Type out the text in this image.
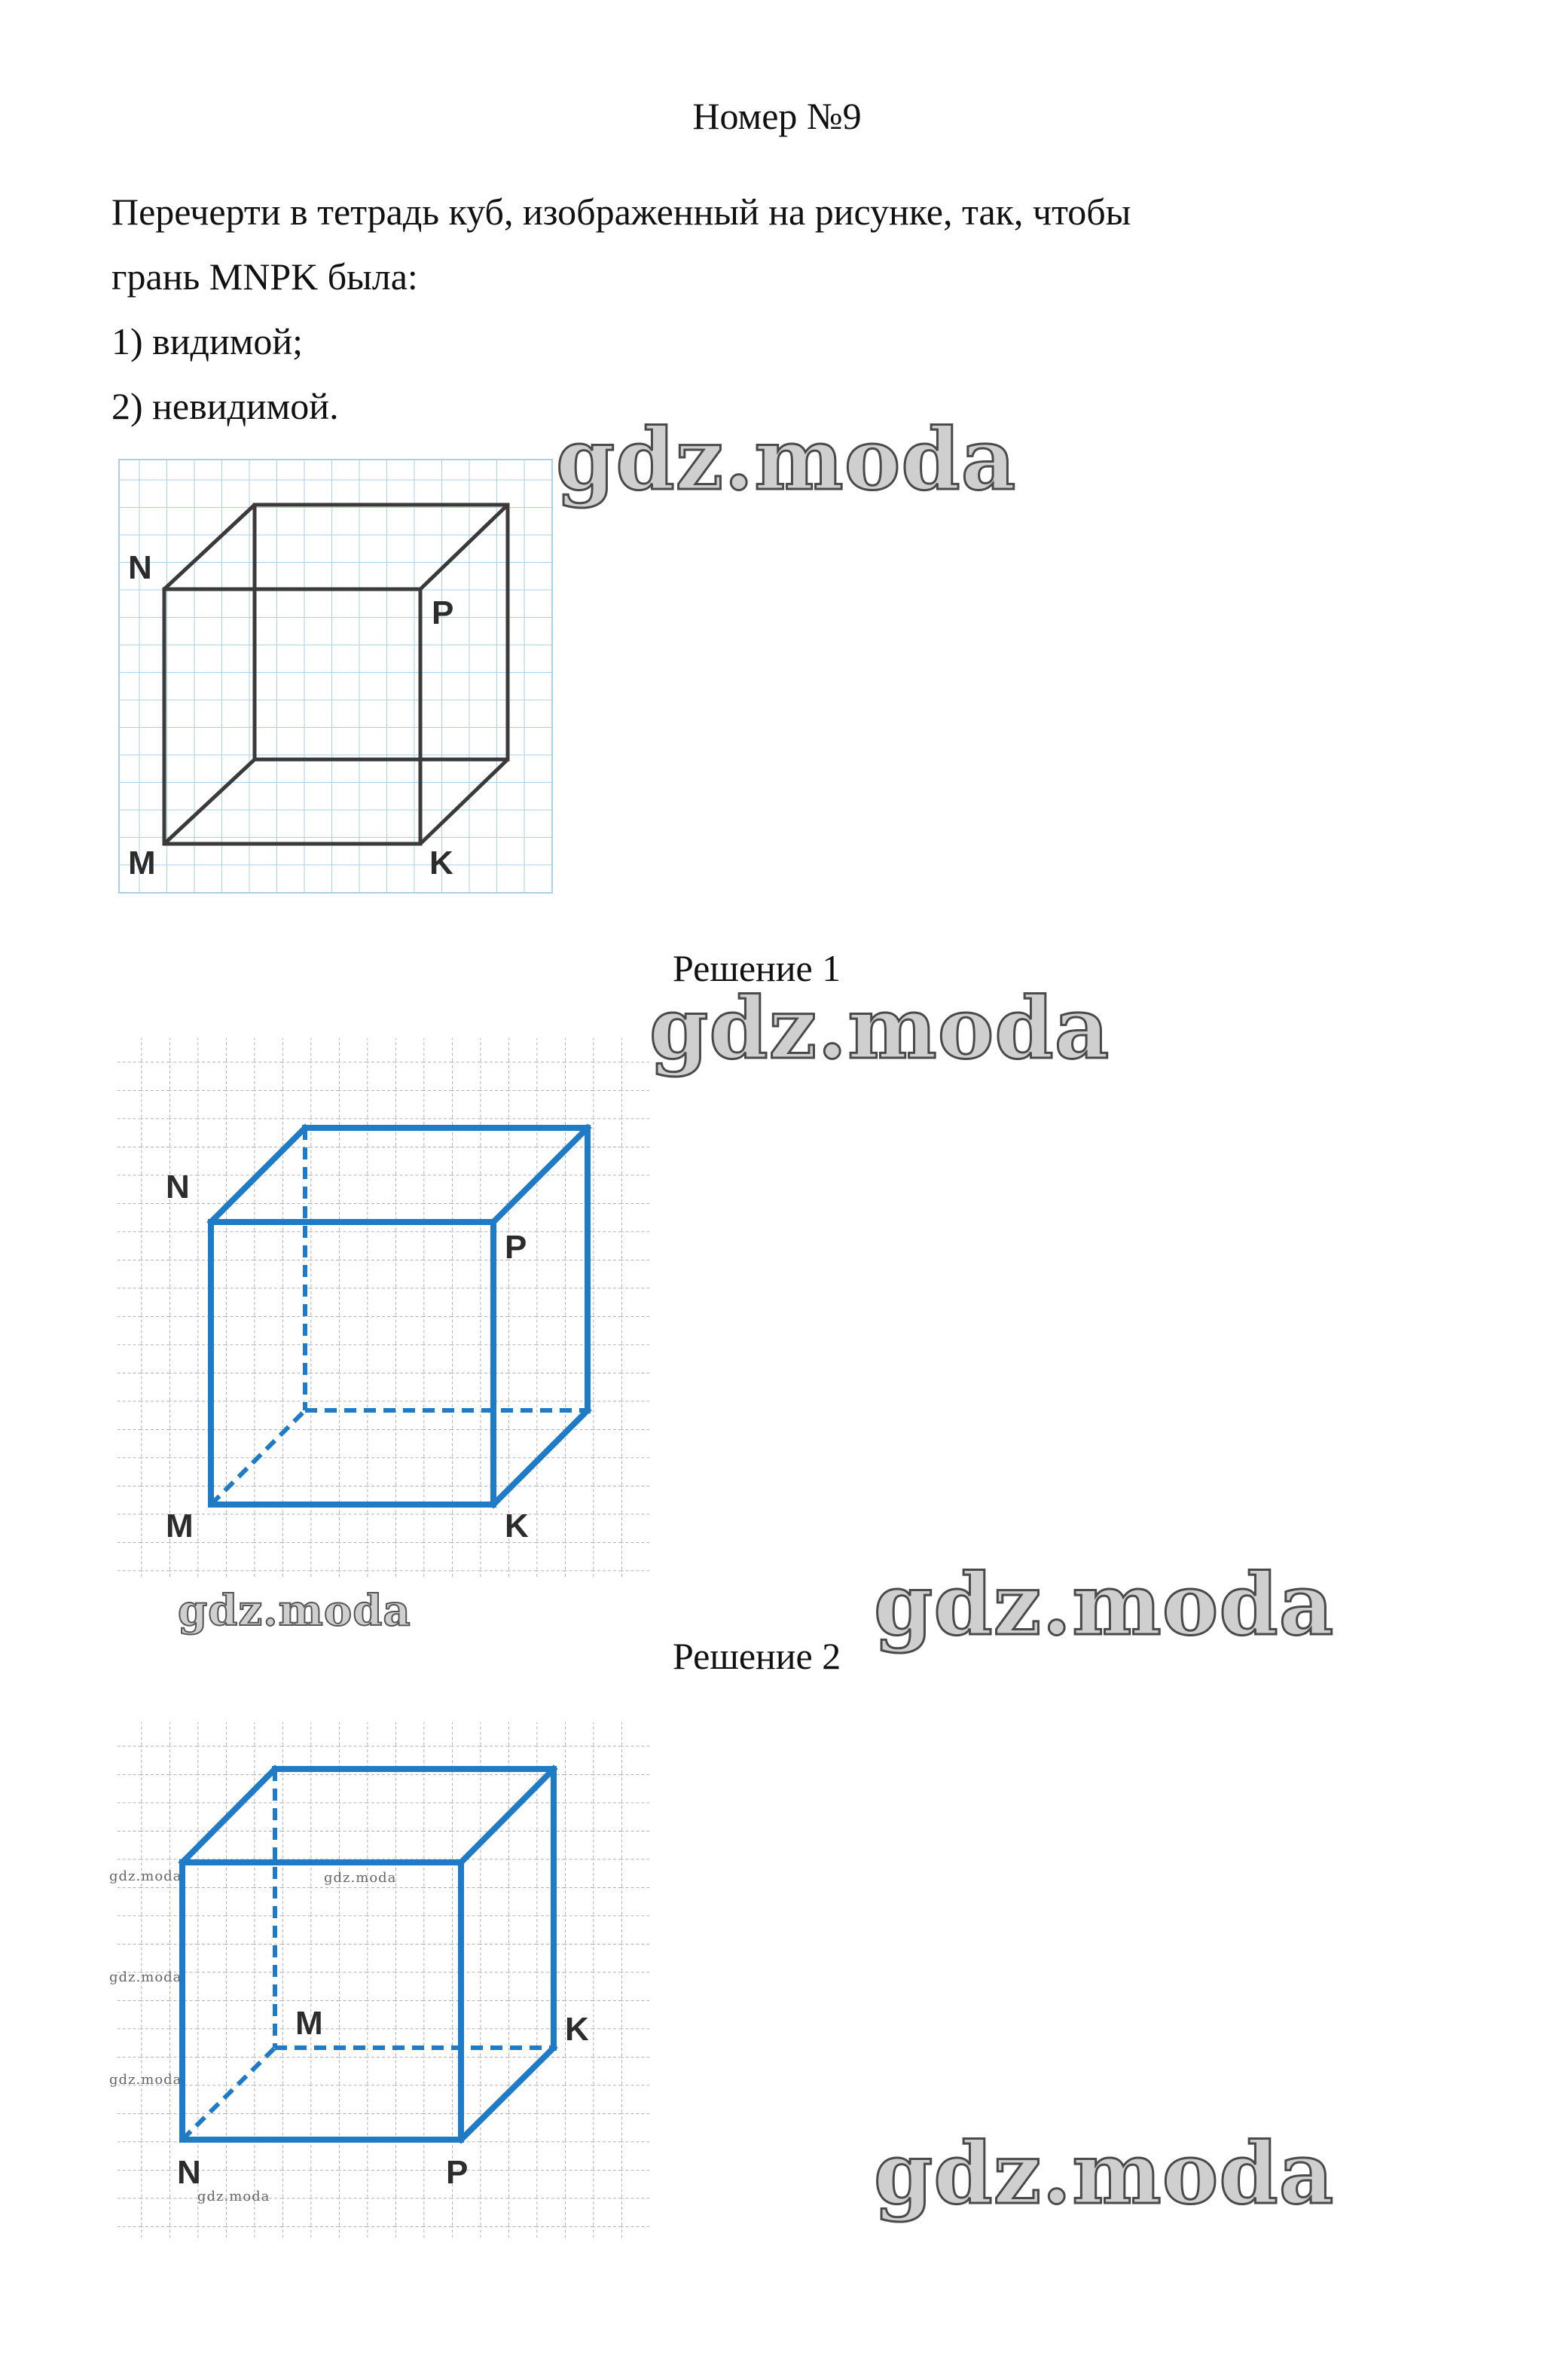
Номер №9

Перечерти в тетрадь куб, изображенный на рисунке, так, чтобы

грань MNPK была:

1) видимой;

2) невидимой.

N
P
M	K
Решение 1
N
P
M	K
Решение 2
M	K
N	P
gdz.moda
gdz.moda
gdz.moda	gdz.moda
gdz.moda
gdz.moda	gdz.moda
gdz.moda
gdz.moda
gdz.moda
